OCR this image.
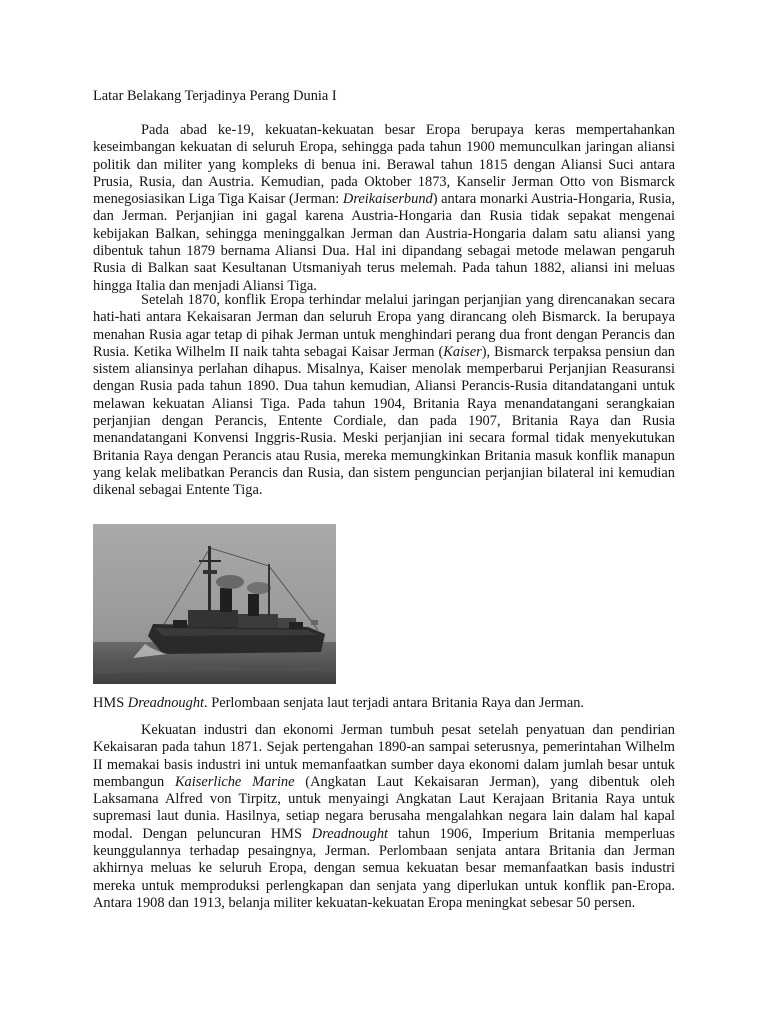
Latar Belakang Terjadinya Perang Dunia I

Pada abad ke-19, kekuatan-kekuatan besar Eropa berupaya keras mempertahankan keseimbangan kekuatan di seluruh Eropa, sehingga pada tahun 1900 memunculkan jaringan aliansi politik dan militer yang kompleks di benua ini. Berawal tahun 1815 dengan Aliansi Suci antara Prusia, Rusia, dan Austria. Kemudian, pada Oktober 1873, Kanselir Jerman Otto von Bismarck menegosiasikan Liga Tiga Kaisar (Jerman: Dreikaiserbund) antara monarki Austria-Hongaria, Rusia, dan Jerman. Perjanjian ini gagal karena Austria-Hongaria dan Rusia tidak sepakat mengenai kebijakan Balkan, sehingga meninggalkan Jerman dan Austria-Hongaria dalam satu aliansi yang dibentuk tahun 1879 bernama Aliansi Dua. Hal ini dipandang sebagai metode melawan pengaruh Rusia di Balkan saat Kesultanan Utsmaniyah terus melemah. Pada tahun 1882, aliansi ini meluas hingga Italia dan menjadi Aliansi Tiga.

Setelah 1870, konflik Eropa terhindar melalui jaringan perjanjian yang direncanakan secara hati-hati antara Kekaisaran Jerman dan seluruh Eropa yang dirancang oleh Bismarck. Ia berupaya menahan Rusia agar tetap di pihak Jerman untuk menghindari perang dua front dengan Perancis dan Rusia. Ketika Wilhelm II naik tahta sebagai Kaisar Jerman (Kaiser), Bismarck terpaksa pensiun dan sistem aliansinya perlahan dihapus. Misalnya, Kaiser menolak memperbarui Perjanjian Reasuransi dengan Rusia pada tahun 1890. Dua tahun kemudian, Aliansi Perancis-Rusia ditandatangani untuk melawan kekuatan Aliansi Tiga. Pada tahun 1904, Britania Raya menandatangani serangkaian perjanjian dengan Perancis, Entente Cordiale, dan pada 1907, Britania Raya dan Rusia menandatangani Konvensi Inggris-Rusia. Meski perjanjian ini secara formal tidak menyekutukan Britania Raya dengan Perancis atau Rusia, mereka memungkinkan Britania masuk konflik manapun yang kelak melibatkan Perancis dan Rusia, dan sistem penguncian perjanjian bilateral ini kemudian dikenal sebagai Entente Tiga.

HMS Dreadnought. Perlombaan senjata laut terjadi antara Britania Raya dan Jerman.

Kekuatan industri dan ekonomi Jerman tumbuh pesat setelah penyatuan dan pendirian Kekaisaran pada tahun 1871. Sejak pertengahan 1890-an sampai seterusnya, pemerintahan Wilhelm II memakai basis industri ini untuk memanfaatkan sumber daya ekonomi dalam jumlah besar untuk membangun Kaiserliche Marine (Angkatan Laut Kekaisaran Jerman), yang dibentuk oleh Laksamana Alfred von Tirpitz, untuk menyaingi Angkatan Laut Kerajaan Britania Raya untuk supremasi laut dunia. Hasilnya, setiap negara berusaha mengalahkan negara lain dalam hal kapal modal. Dengan peluncuran HMS Dreadnought tahun 1906, Imperium Britania memperluas keunggulannya terhadap pesaingnya, Jerman. Perlombaan senjata antara Britania dan Jerman akhirnya meluas ke seluruh Eropa, dengan semua kekuatan besar memanfaatkan basis industri mereka untuk memproduksi perlengkapan dan senjata yang diperlukan untuk konflik pan-Eropa. Antara 1908 dan 1913, belanja militer kekuatan-kekuatan Eropa meningkat sebesar 50 persen.
